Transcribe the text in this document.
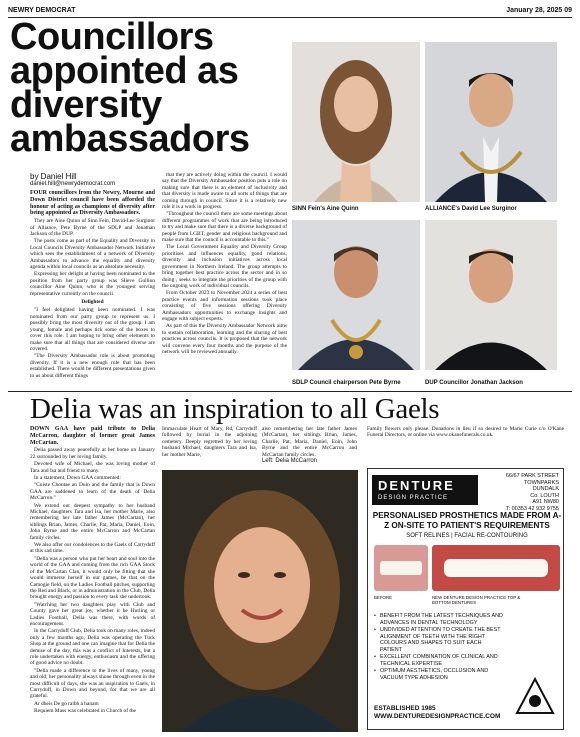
NEWRY DEMOCRAT	January 28, 2025 09
Councillors appointed as diversity ambassadors
by Daniel Hill
daniel.hill@newrydemocrat.com

FOUR councillors from the Newry, Mourne and Down District council have been afforded the honour of acting as champions of diversity after being appointed as Diversity Ambassadors.

They are Aine Quinn of Sinn Fein, David-Lee Surginor of Alliance, Pete Byrne of the SDLP and Jonathan Jackson of the DUP.

The posts come as part of the Equality and Diversity in Local Councils Diversity Ambassador Network Initiative which sees the establishment of a network of Diversity Ambassadors to advance the equality and diversity agenda within local councils as an absolute necessity.

Expressing her delight at having been nominated to the position from her party group was Slieve Gullion councillor Aine Quinn, who is the youngest serving representative currently on the council.

Delighted

"I feel delighted having been nominated. I was nominated from our party group to represent us. I possibly bring the most diversity out of the group. I am young, female and perhaps tick some of the boxes to cover this role. I am hoping to bring other elements to make sure that all things that are considered diverse are covered.

"The Diversity Ambassador role is about promoting diversity. If it is a new enough role that has been established. There would be different presentations given to us about different things

that they are actively doing within the council. I would say that the Diversity Ambassador position puts a role on making sure that there is an element of inclusivity and that diversity is made aware to all sorts of things that are coming through in council. Since it is a relatively new role it is a work in progress.

"Throughout the council there are some meetings about different programmes of work that are being introduced to try and make sure that there is a diverse background of people from LGBT, gender and religious background and make sure that the council is accountable to this."

The Local Government Equality and Diversity Group prioritises and influences equality, good relations, diversity and inclusion initiatives across local government in Northern Ireland. The group attempts to bring together best practice across the sector and in so doing , seeks to integrate the priorities of the group with the ongoing work of individual councils.

From October 2023 to November 2024 a series of best practice events and information sessions took place consisting of five sessions offering Diversity Ambassadors opportunities to exchange insights and engage with subject experts.

As part of this the Diversity Ambassador Network aims to sustain collaboration, learning and the sharing of best practices across councils. It is proposed that the network will convene every four months and the purpose of the network will be reviewed annually.

SINN Fein's Aine Quinn	ALLIANCE's David Lee Surginor
SDLP Council chairperson Pete Byrne	DUP Councillor Jonathan Jackson
Delia was an inspiration to all Gaels

DOWN GAA have paid tribute to Delia McCarron, daughter of former great James McCartan.

Delia passed away peacefully at her home on January 22 surrounded by her loving family.

Devoted wife of Michael, she was loving mother of Tara and Isa and friend to many.

In a statement, Down GAA commented:

"Coiste Chontae an Duin and the family that is Down GAA are saddened to learn of the death of Delia McCarron."

We extend our deepest sympathy to her husband Michael, daughters Tara and Isa, her mother Marie, also remembering her late father James (McCartan), her siblings Brian, James, Charlie, Pat, Maria, Daniel, Eoin, John Byrne and the entire McCarron and McCartan family circles.

We also offer our condolences to the Gaels of Carryduff at this sad time.

"Delia was a person who put her heart and soul into the world of the GAA and coming from the rich GAA Stock of the McCartan Clan, it would only be fitting that she would immerse herself in our games, be that on the Camogie field, on the Ladies Football pitches, supporting the Red and Black, or in administration in the Club, Delia brought energy and passion to every task she undertook.

"Watching her two daughters play with Club and County gave her great joy, whether it be Hurling or Ladies Football, Delia was there, with words of encouragement.

In the Carryduff Club, Delia took on many roles, indeed only a few months ago, Delia was operating the Tuck Shop at the ground and one can imagine that for Delia the demise of the day, this was a conflict of Interests, but a role undertaken with energy, enthusiasm and the offering of good advice no doubt.

"Delia made a difference to the lives of many, young and old, her personality always shone through even in the most difficult of days, she was an inspiration to Gaels, in Carryduff, in Down and beyond, for that we are all grateful.

Ar dheis De go raibh a hanam

Requiem Mass was celebrated in Church of the

Immaculate Heart of Mary, Rd, Carryduff followed by burial in the adjoining cemetery. Deeply regretted by her loving husband Michael, daughters Tara and Isa, her mother Marie,
also remembering her late father James (McCartan), her siblings Brian, James, Charlie, Pat, Maria, Daniel, Eoin, John Byrne and the entire McCarron and McCartan family circles.
Family flowers only please. Donations in lieu if so desired to Marie Curie c/o O'Kane Funeral Directors, or online via www.okanefunerals.co.uk.
Left: Delia McCarron
DENTURE
DESIGN PRACTICE
66/67 PARK STREET
TOWNPARKS
DUNDALK
Co. LOUTH
A91 NW80
T: 00353 42 932 9755
PERSONALISED PROSTHETICS MADE FROM A-Z ON-SITE TO PATIENT'S REQUIREMENTS
SOFT RELINES | FACIAL RE-CONTOURING
BEFORE	NEW DENTURE DESIGN PRACTICE TOP & BOTTOM DENTURES
• BENEFIT FROM THE LATEST TECHNIQUES AND ADVANCES IN DENTAL TECHNOLOGY
• UNDIVIDED ATTENTION TO CREATE THE BEST ALIGNMENT OF TEETH WITH THE RIGHT COLOURS AND SHAPES TO SUIT EACH PATIENT
• EXCELLENT COMBINATION OF CLINICAL AND TECHNICAL EXPERTISE
• OPTIMUM AESTHETICS, OCCLUSION AND VACUUM TYPE ADHESION
ESTABLISHED 1985
WWW.DENTUREDESIGNPRACTICE.COM
